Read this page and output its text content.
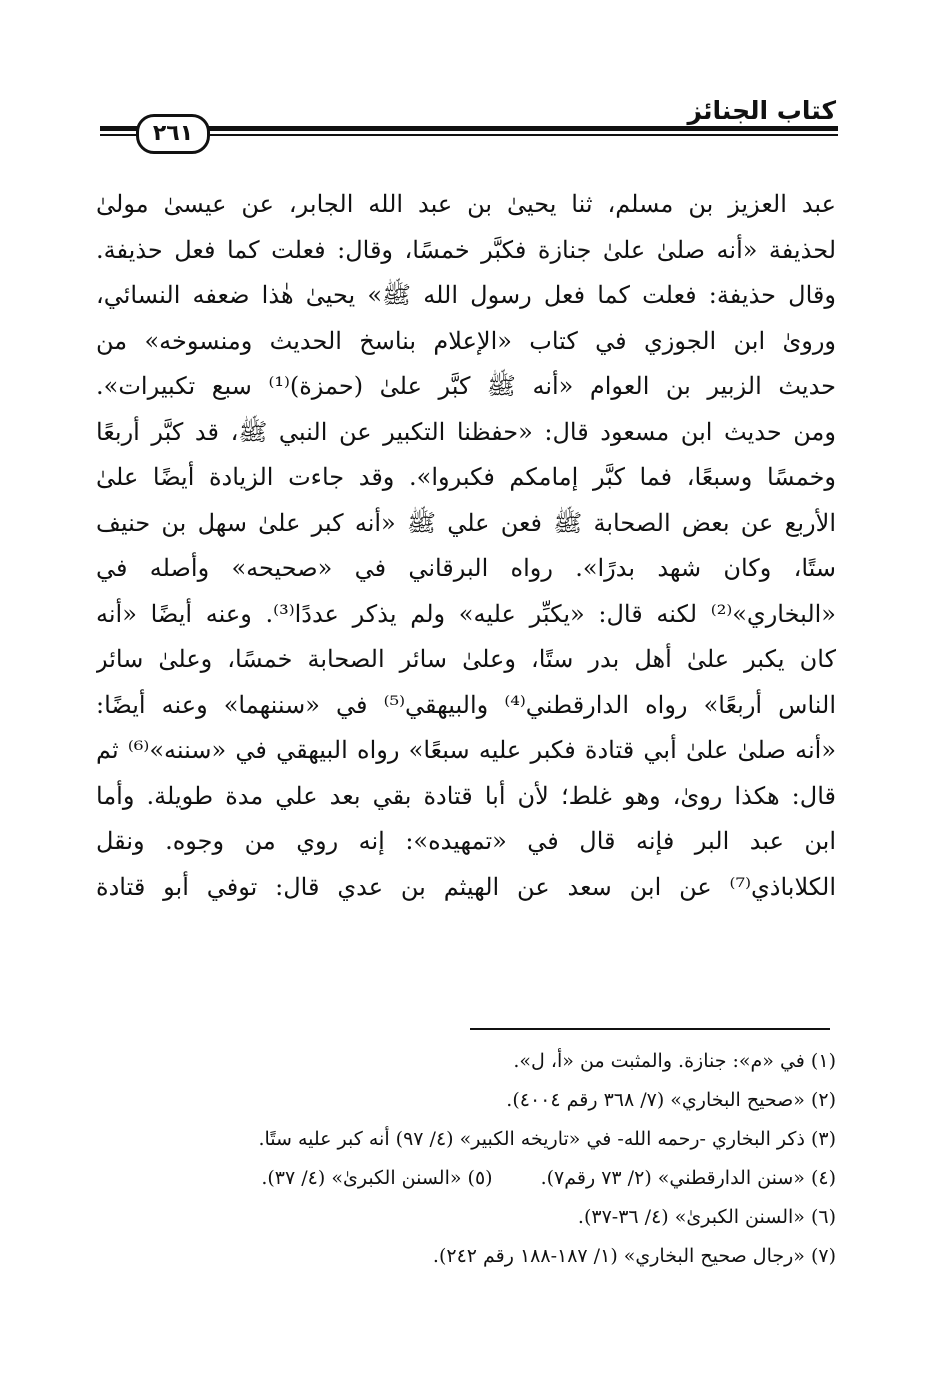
كتاب الجنائز
٢٦١
عبد العزيز بن مسلم، ثنا يحيىٰ بن عبد الله الجابر، عن عيسىٰ مولىٰ
لحذيفة «أنه صلىٰ علىٰ جنازة فكبَّر خمسًا، وقال: فعلت كما فعل حذيفة.
وقال حذيفة: فعلت كما فعل رسول الله ﷺ» يحيىٰ هٰذا ضعفه النسائي،
ورویٰ ابن الجوزي في كتاب «الإعلام بناسخ الحديث ومنسوخه» من
حديث الزبير بن العوام «أنه ﷺ كبَّر علىٰ (حمزة)⁽¹⁾ سبع تكبيرات».
ومن حديث ابن مسعود قال: «حفظنا التكبير عن النبي ﷺ، قد كبَّر أربعًا
وخمسًا وسبعًا، فما كبَّر إمامكم فكبروا». وقد جاءت الزيادة أيضًا علىٰ
الأربع عن بعض الصحابة ﷺ فعن علي ﷺ «أنه كبر علىٰ سهل بن حنيف
ستًا، وكان شهد بدرًا». رواه البرقاني في «صحيحه» وأصله في
«البخاري»⁽²⁾ لكنه قال: «يكبِّر عليه» ولم يذكر عددًا⁽³⁾. وعنه أيضًا «أنه
كان يكبر علىٰ أهل بدر ستًا، وعلىٰ سائر الصحابة خمسًا، وعلىٰ سائر
الناس أربعًا» رواه الدارقطني⁽⁴⁾ والبيهقي⁽⁵⁾ في «سننهما» وعنه أيضًا:
«أنه صلىٰ علىٰ أبي قتادة فكبر عليه سبعًا» رواه البيهقي في «سننه»⁽⁶⁾ ثم
قال: هكذا رویٰ، وهو غلط؛ لأن أبا قتادة بقي بعد علي مدة طويلة. وأما
ابن عبد البر فإنه قال في «تمهيده»: إنه روي من وجوه. ونقل
الكلاباذي⁽⁷⁾ عن ابن سعد عن الهيثم بن عدي قال: توفي أبو قتادة
(١) في «م»: جنازة. والمثبت من «أ، ل».
(٢) «صحيح البخاري» (٧/ ٣٦٨ رقم ٤٠٠٤).
(٣) ذكر البخاري -رحمه الله- في «تاريخه الكبير» (٤/ ٩٧) أنه كبر عليه ستًا.
(٤) «سنن الدارقطني» (٢/ ٧٣ رقم٧).(٥) «السنن الكبرىٰ» (٤/ ٣٧).
(٦) «السنن الكبرىٰ» (٤/ ٣٦-٣٧).
(٧) «رجال صحيح البخاري» (١/ ١٨٧-١٨٨ رقم ٢٤٢).
